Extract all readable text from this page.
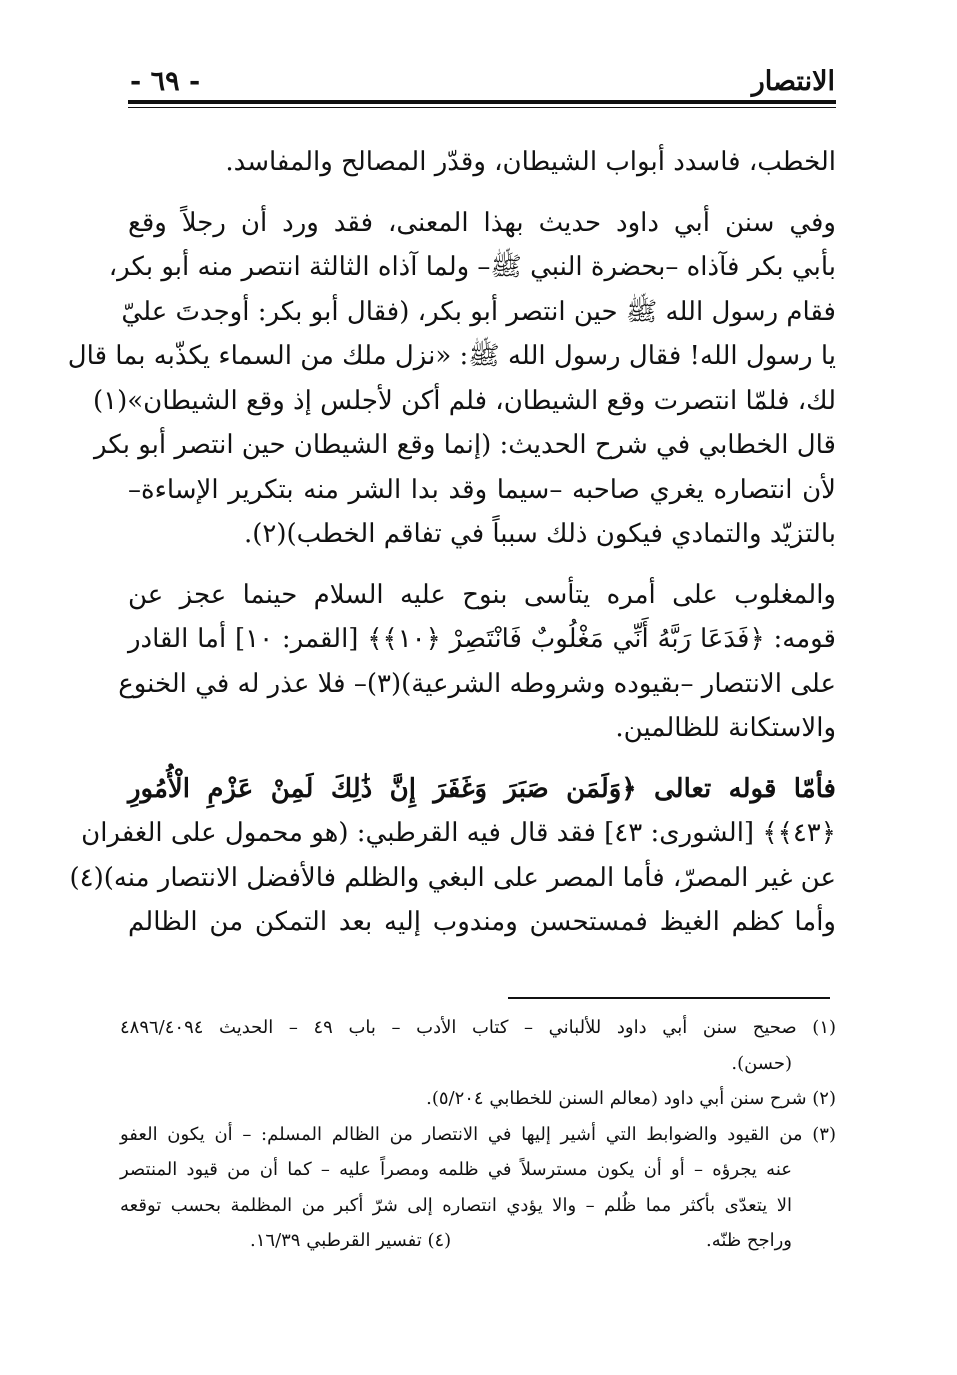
الانتصار
- ٦٩ -
الخطب، فاسدد أبواب الشيطان، وقدّر المصالح والمفاسد.
وفي سنن أبي داود حديث بهذا المعنى، فقد ورد أن رجلاً وقع
بأبي بكر فآذاه –بحضرة النبي ﷺ– ولما آذاه الثالثة انتصر منه أبو بكر،
فقام رسول الله ﷺ حين انتصر أبو بكر، (فقال أبو بكر: أوجدتَ عليّ
يا رسول الله! فقال رسول الله ﷺ: «نزل ملك من السماء يكذّبه بما قال
لك، فلمّا انتصرت وقع الشيطان، فلم أكن لأجلس إذ وقع الشيطان»(١)
قال الخطابي في شرح الحديث: (إنما وقع الشيطان حين انتصر أبو بكر
لأن انتصاره يغري صاحبه –سيما وقد بدا الشر منه بتكرير الإساءة–
بالتزيّد والتمادي فيكون ذلك سبباً في تفاقم الخطب)(٢).
والمغلوب على أمره يتأسى بنوح عليه السلام حينما عجز عن
قومه: ﴿فَدَعَا رَبَّهُ أَنِّي مَغْلُوبٌ فَانْتَصِرْ ﴿١٠﴾﴾ [القمر: ١٠] أما القادر
على الانتصار –بقيوده وشروطه الشرعية)(٣)– فلا عذر له في الخنوع
والاستكانة للظالمين.
فأمّا قوله تعالى ﴿وَلَمَن صَبَرَ وَغَفَرَ إِنَّ ذَٰلِكَ لَمِنْ عَزْمِ الْأُمُورِ
﴿٤٣﴾﴾ [الشورى: ٤٣] فقد قال فيه القرطبي: (هو محمول على الغفران
عن غير المصرّ، فأما المصر على البغي والظلم فالأفضل الانتصار منه)(٤)
وأما كظم الغيظ فمستحسن ومندوب إليه بعد التمكن من الظالم
(١) صحيح سنن أبي داود للألباني – كتاب الأدب – باب ٤٩ – الحديث ٤٨٩٦/٤٠٩٤
(حسن).
(٢) شرح سنن أبي داود (معالم السنن للخطابي ٥/٢٠٤).
(٣) من القيود والضوابط التي أشير إليها في الانتصار من الظالم المسلم: – أن يكون العفو
عنه يجرؤه – أو أن يكون مسترسلاً في ظلمه ومصراً عليه – كما أن من قيود المنتصر
الا يتعدّى بأكثر مما ظُلم – والا يؤدي انتصاره إلى شرّ أكبر من المظلمة بحسب توقعه
وراجح ظنّه.
(٤) تفسير القرطبي ١٦/٣٩.
